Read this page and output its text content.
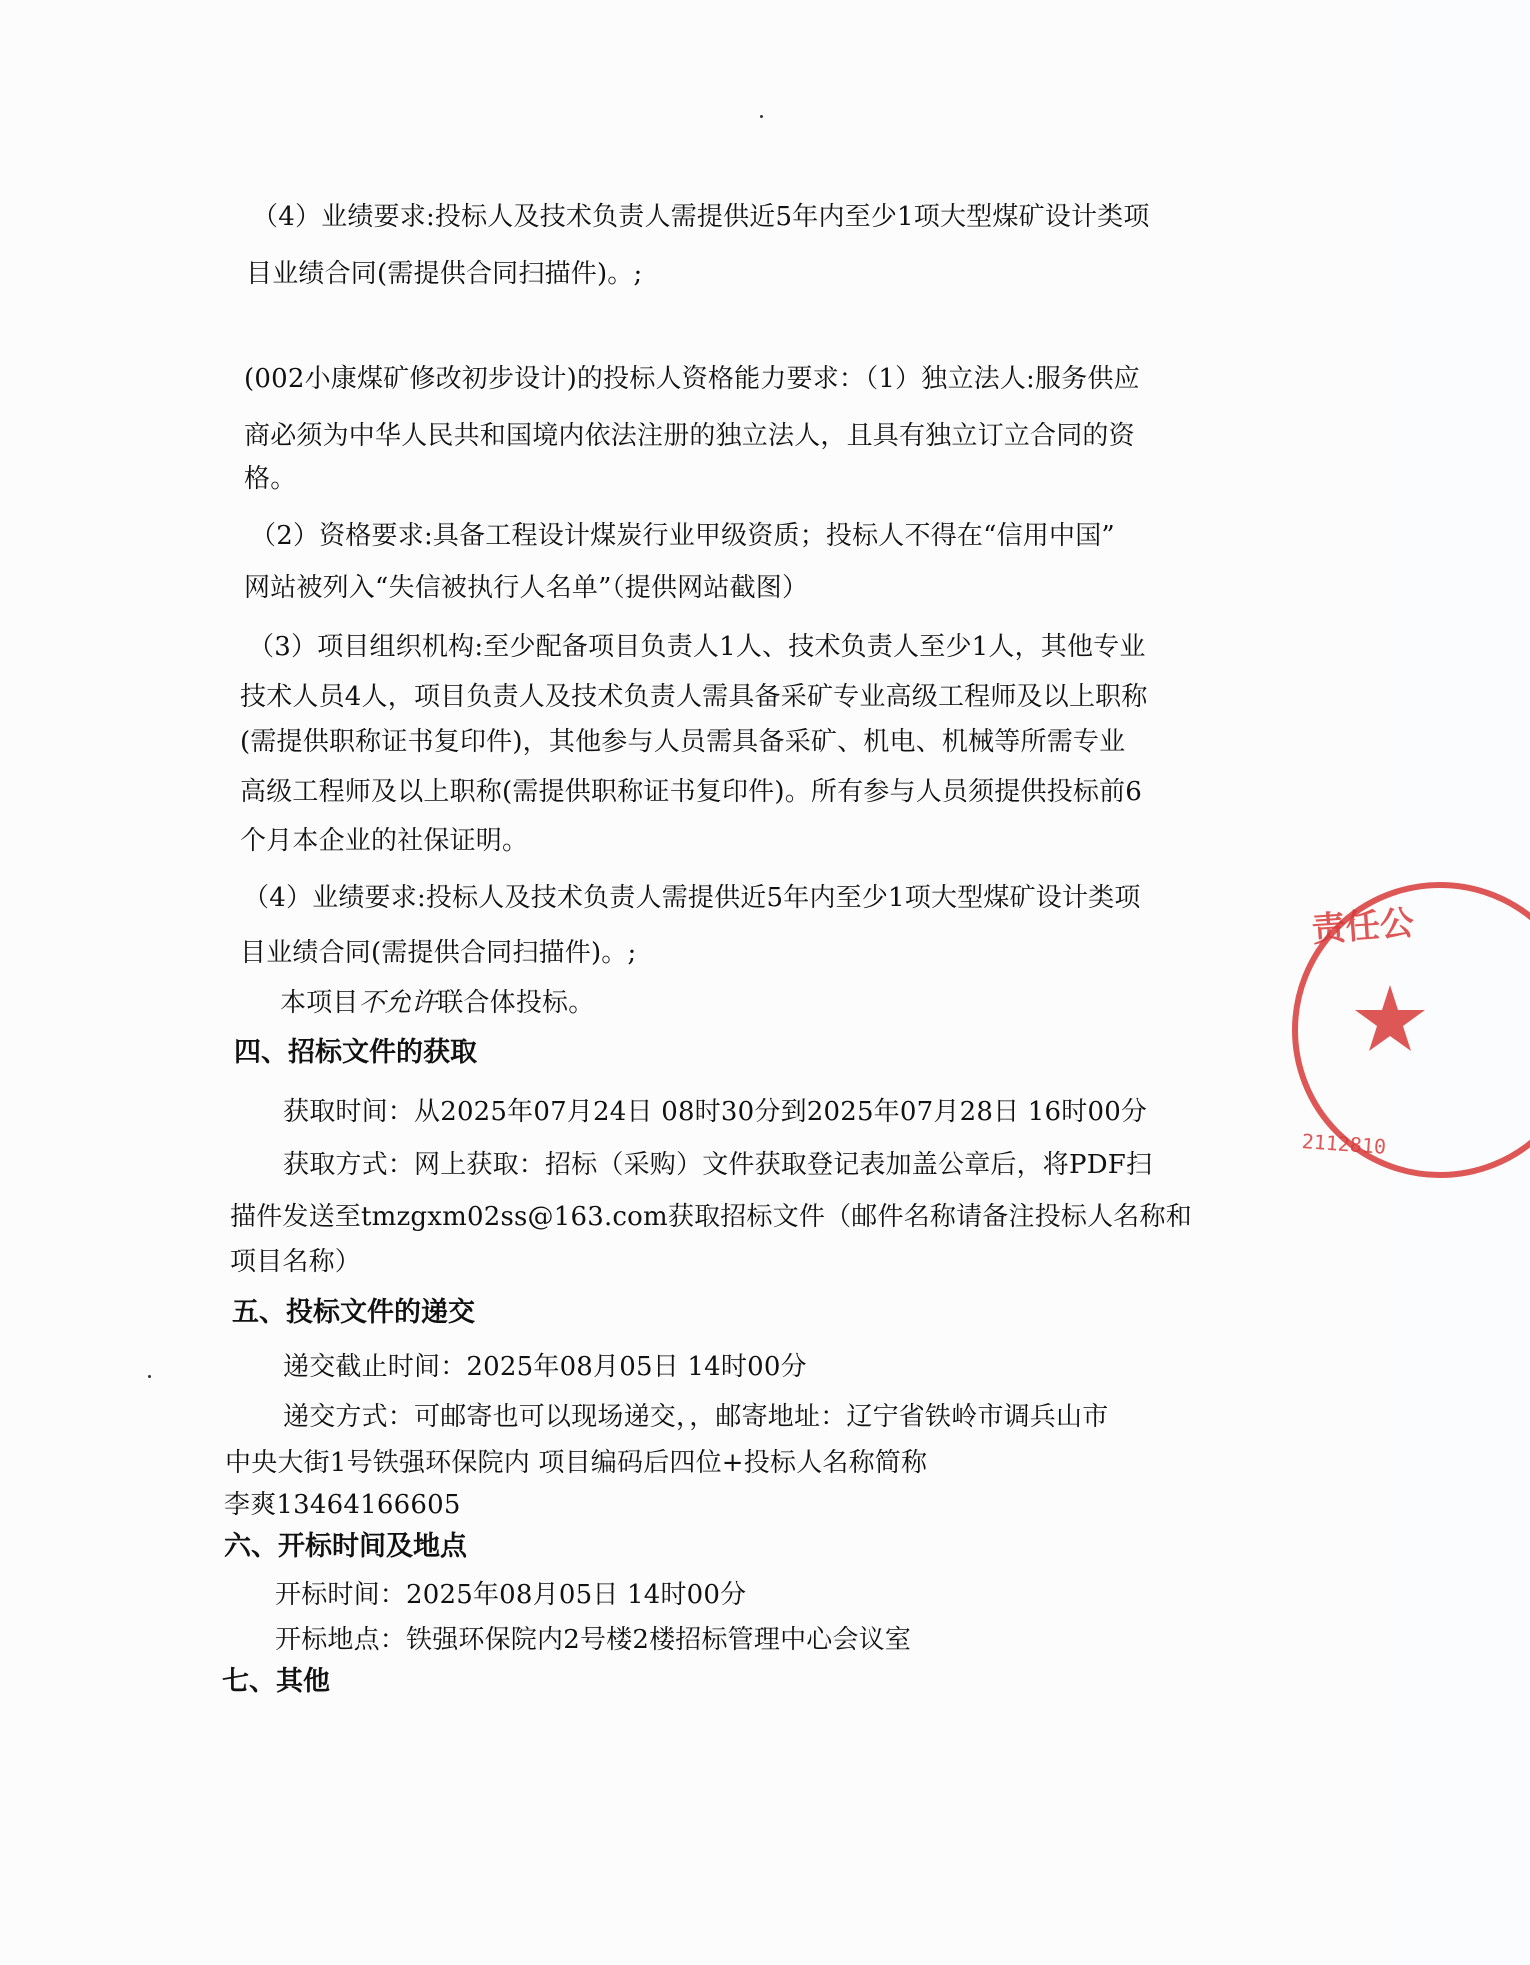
（4）业绩要求:投标人及技术负责人需提供近5年内至少1项大型煤矿设计类项
目业绩合同(需提供合同扫描件)。;
(002小康煤矿修改初步设计)的投标人资格能力要求：（1）独立法人:服务供应
商必须为中华人民共和国境内依法注册的独立法人，且具有独立订立合同的资
格。
（2）资格要求:具备工程设计煤炭行业甲级资质；投标人不得在“信用中国”
网站被列入“失信被执行人名单”（提供网站截图）
（3）项目组织机构:至少配备项目负责人1人、技术负责人至少1人，其他专业
技术人员4人，项目负责人及技术负责人需具备采矿专业高级工程师及以上职称
(需提供职称证书复印件)，其他参与人员需具备采矿、机电、机械等所需专业
高级工程师及以上职称(需提供职称证书复印件)。所有参与人员须提供投标前6
个月本企业的社保证明。
（4）业绩要求:投标人及技术负责人需提供近5年内至少1项大型煤矿设计类项
目业绩合同(需提供合同扫描件)。;
本项目不允许联合体投标。
四、招标文件的获取
获取时间：从2025年07月24日 08时30分到2025年07月28日 16时00分
获取方式：网上获取：招标（采购）文件获取登记表加盖公章后，将PDF扫
描件发送至tmzgxm02ss@163.com获取招标文件（邮件名称请备注投标人名称和
项目名称）
五、投标文件的递交
递交截止时间：2025年08月05日 14时00分
递交方式：可邮寄也可以现场递交，，邮寄地址：辽宁省铁岭市调兵山市
中央大街1号铁强环保院内 项目编码后四位+投标人名称简称
李爽13464166605
六、开标时间及地点
开标时间：2025年08月05日 14时00分
开标地点：铁强环保院内2号楼2楼招标管理中心会议室
七、其他
责任公
2112810
